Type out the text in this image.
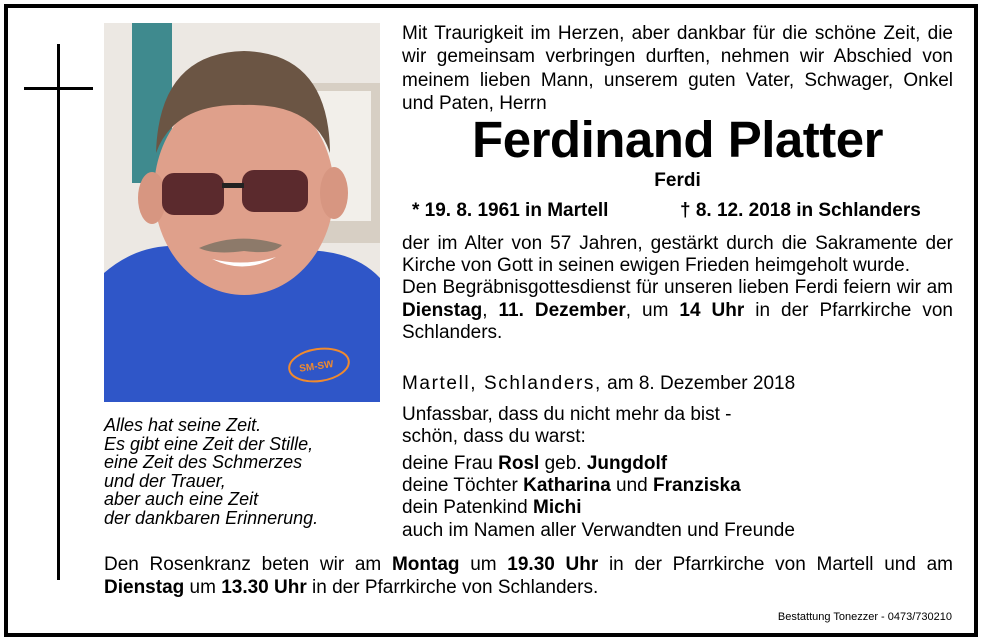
SM-SW
Alles hat seine Zeit.
Es gibt eine Zeit der Stille,
eine Zeit des Schmerzes
und der Trauer,
aber auch eine Zeit
der dankbaren Erinnerung.
Mit Traurigkeit im Herzen, aber dankbar für die schöne Zeit, die wir gemeinsam verbringen durften, nehmen wir Abschied von meinem lieben Mann, unserem guten Vater, Schwager, Onkel und Paten, Herrn
Ferdinand Platter
Ferdi
* 19. 8. 1961 in Martell	† 8. 12. 2018 in Schlanders
der im Alter von 57 Jahren, gestärkt durch die Sakramente der Kirche von Gott in seinen ewigen Frieden heimgeholt wurde.
Den Begräbnisgottesdienst für unseren lieben Ferdi feiern wir am Dienstag, 11. Dezember, um 14 Uhr in der Pfarrkirche von Schlanders.
Martell, Schlanders, am 8. Dezember 2018
Unfassbar, dass du nicht mehr da bist -
schön, dass du warst:
deine Frau Rosl geb. Jungdolf
deine Töchter Katharina und Franziska
dein Patenkind Michi
auch im Namen aller Verwandten und Freunde
Den Rosenkranz beten wir am Montag um 19.30 Uhr in der Pfarrkirche von Martell und am Dienstag um 13.30 Uhr in der Pfarrkirche von Schlanders.
Bestattung Tonezzer - 0473/730210
